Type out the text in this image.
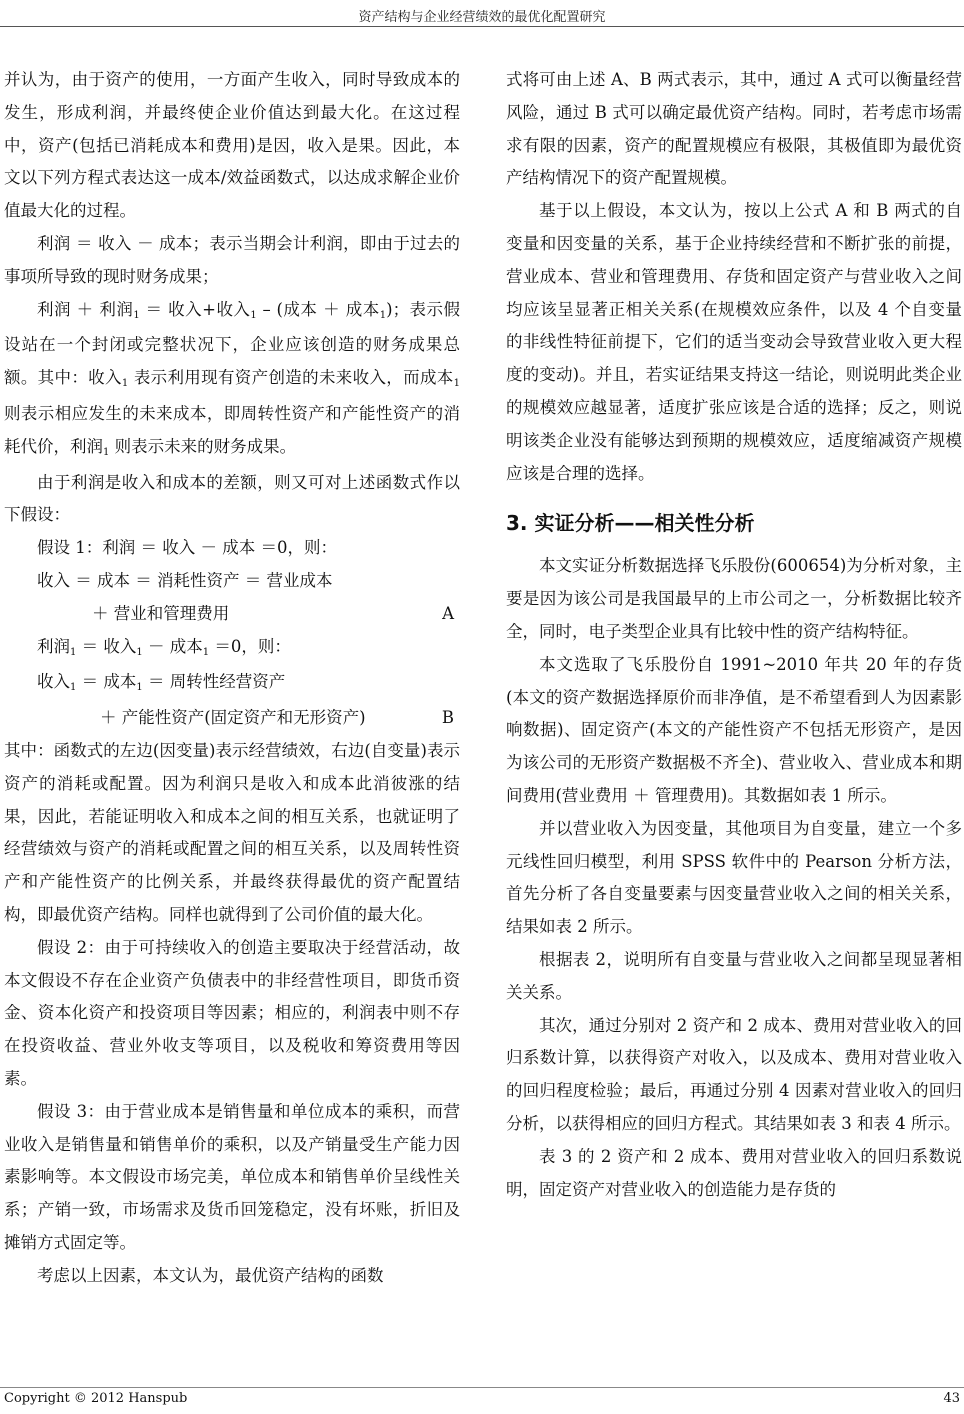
资产结构与企业经营绩效的最优化配置研究

并认为，由于资产的使用，一方面产生收入，同时导致成本的发生，形成利润，并最终使企业价值达到最大化。在这过程中，资产(包括已消耗成本和费用)是因，收入是果。因此，本文以下列方程式表达这一成本/效益函数式，以达成求解企业价值最大化的过程。

利润 ＝ 收入 － 成本；表示当期会计利润，即由于过去的事项所导致的现时财务成果；

利润 ＋ 利润$_1$ ＝ 收入+收入$_1$ – (成本 ＋ 成本$_1$)；表示假设站在一个封闭或完整状况下，企业应该创造的财务成果总额。其中：收入$_1$ 表示利用现有资产创造的未来收入，而成本$_1$ 则表示相应发生的未来成本，即周转性资产和产能性资产的消耗代价，利润$_1$ 则表示未来的财务成果。

由于利润是收入和成本的差额，则又可对上述函数式作以下假设：

假设 1：利润 ＝ 收入 － 成本 ＝0，则：

收入 ＝ 成本 ＝ 消耗性资产 ＝ 营业成本

＋ 营业和管理费用	A

利润$_1$ ＝ 收入$_1$ － 成本$_1$ ＝0，则：

收入$_1$ ＝ 成本$_1$ ＝ 周转性经营资产

＋ 产能性资产(固定资产和无形资产)	B

其中：函数式的左边(因变量)表示经营绩效，右边(自变量)表示资产的消耗或配置。因为利润只是收入和成本此消彼涨的结果，因此，若能证明收入和成本之间的相互关系，也就证明了经营绩效与资产的消耗或配置之间的相互关系，以及周转性资产和产能性资产的比例关系，并最终获得最优的资产配置结构，即最优资产结构。同样也就得到了公司价值的最大化。

假设 2：由于可持续收入的创造主要取决于经营活动，故本文假设不存在企业资产负债表中的非经营性项目，即货币资金、资本化资产和投资项目等因素；相应的，利润表中则不存在投资收益、营业外收支等项目，以及税收和筹资费用等因素。

假设 3：由于营业成本是销售量和单位成本的乘积，而营业收入是销售量和销售单价的乘积，以及产销量受生产能力因素影响等。本文假设市场完美，单位成本和销售单价呈线性关系；产销一致，市场需求及货币回笼稳定，没有坏账，折旧及摊销方式固定等。

考虑以上因素，本文认为，最优资产结构的函数

式将可由上述 A、B 两式表示，其中，通过 A 式可以衡量经营风险，通过 B 式可以确定最优资产结构。同时，若考虑市场需求有限的因素，资产的配置规模应有极限，其极值即为最优资产结构情况下的资产配置规模。

基于以上假设，本文认为，按以上公式 A 和 B 两式的自变量和因变量的关系，基于企业持续经营和不断扩张的前提，营业成本、营业和管理费用、存货和固定资产与营业收入之间均应该呈显著正相关关系(在规模效应条件，以及 4 个自变量的非线性特征前提下，它们的适当变动会导致营业收入更大程度的变动)。并且，若实证结果支持这一结论，则说明此类企业的规模效应越显著，适度扩张应该是合适的选择；反之，则说明该类企业没有能够达到预期的规模效应，适度缩减资产规模应该是合理的选择。

3. 实证分析——相关性分析

本文实证分析数据选择飞乐股份(600654)为分析对象，主要是因为该公司是我国最早的上市公司之一，分析数据比较齐全，同时，电子类型企业具有比较中性的资产结构特征。

本文选取了飞乐股份自 1991~2010 年共 20 年的存货(本文的资产数据选择原价而非净值，是不希望看到人为因素影响数据)、固定资产(本文的产能性资产不包括无形资产，是因为该公司的无形资产数据极不齐全)、营业收入、营业成本和期间费用(营业费用 ＋ 管理费用)。其数据如表 1 所示。

并以营业收入为因变量，其他项目为自变量，建立一个多元线性回归模型，利用 SPSS 软件中的 Pearson 分析方法，首先分析了各自变量要素与因变量营业收入之间的相关关系，结果如表 2 所示。

根据表 2，说明所有自变量与营业收入之间都呈现显著相关关系。

其次，通过分别对 2 资产和 2 成本、费用对营业收入的回归系数计算，以获得资产对收入，以及成本、费用对营业收入的回归程度检验；最后，再通过分别 4 因素对营业收入的回归分析，以获得相应的回归方程式。其结果如表 3 和表 4 所示。

表 3 的 2 资产和 2 成本、费用对营业收入的回归系数说明，固定资产对营业收入的创造能力是存货的

Copyright © 2012 Hanspub	43
